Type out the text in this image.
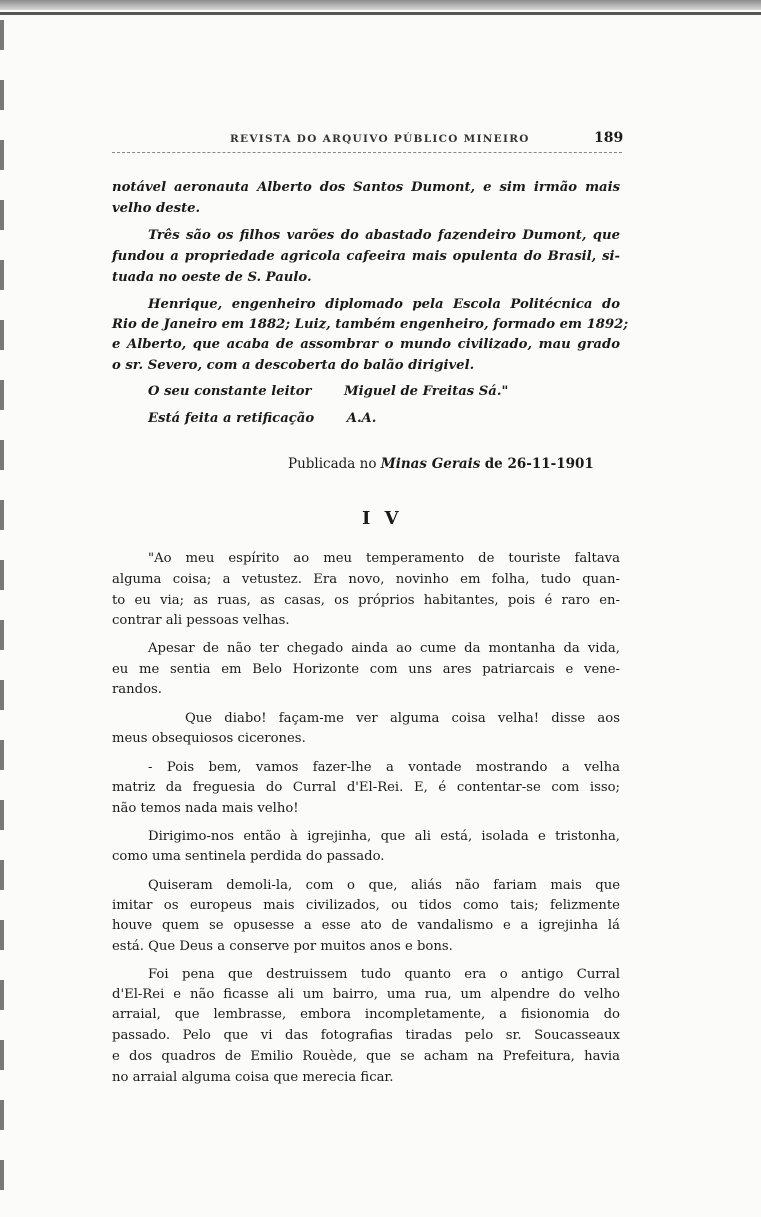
REVISTA DO ARQUIVO PÚBLICO MINEIRO	189
notável aeronauta Alberto dos Santos Dumont, e sim irmão mais
velho deste.
Três são os filhos varões do abastado fazendeiro Dumont, que
fundou a propriedade agricola cafeeira mais opulenta do Brasil, si-
tuada no oeste de S. Paulo.
Henrique, engenheiro diplomado pela Escola Politécnica do
Rio de Janeiro em 1882; Luiz, também engenheiro, formado em 1892;
e Alberto, que acaba de assombrar o mundo civilizado, mau grado
o sr. Severo, com a descoberta do balão dirigivel.
O seu constante leitor Miguel de Freitas Sá."
Está feita a retificação A.A.
Publicada no Minas Gerais de 26-11-1901
I V
"Ao meu espírito ao meu temperamento de touriste faltava
alguma coisa; a vetustez. Era novo, novinho em folha, tudo quan-
to eu via; as ruas, as casas, os próprios habitantes, pois é raro en-
contrar ali pessoas velhas.
Apesar de não ter chegado ainda ao cume da montanha da vida,
eu me sentia em Belo Horizonte com uns ares patriarcais e vene-
randos.
Que diabo! façam-me ver alguma coisa velha! disse aos
meus obsequiosos cicerones.
- Pois bem, vamos fazer-lhe a vontade mostrando a velha
matriz da freguesia do Curral d'El-Rei. E, é contentar-se com isso;
não temos nada mais velho!
Dirigimo-nos então à igrejinha, que ali está, isolada e tristonha,
como uma sentinela perdida do passado.
Quiseram demoli-la, com o que, aliás não fariam mais que
imitar os europeus mais civilizados, ou tidos como tais; felizmente
houve quem se opusesse a esse ato de vandalismo e a igrejinha lá
está. Que Deus a conserve por muitos anos e bons.
Foi pena que destruissem tudo quanto era o antigo Curral
d'El-Rei e não ficasse ali um bairro, uma rua, um alpendre do velho
arraial, que lembrasse, embora incompletamente, a fisionomia do
passado. Pelo que vi das fotografias tiradas pelo sr. Soucasseaux
e dos quadros de Emilio Rouède, que se acham na Prefeitura, havia
no arraial alguma coisa que merecia ficar.
